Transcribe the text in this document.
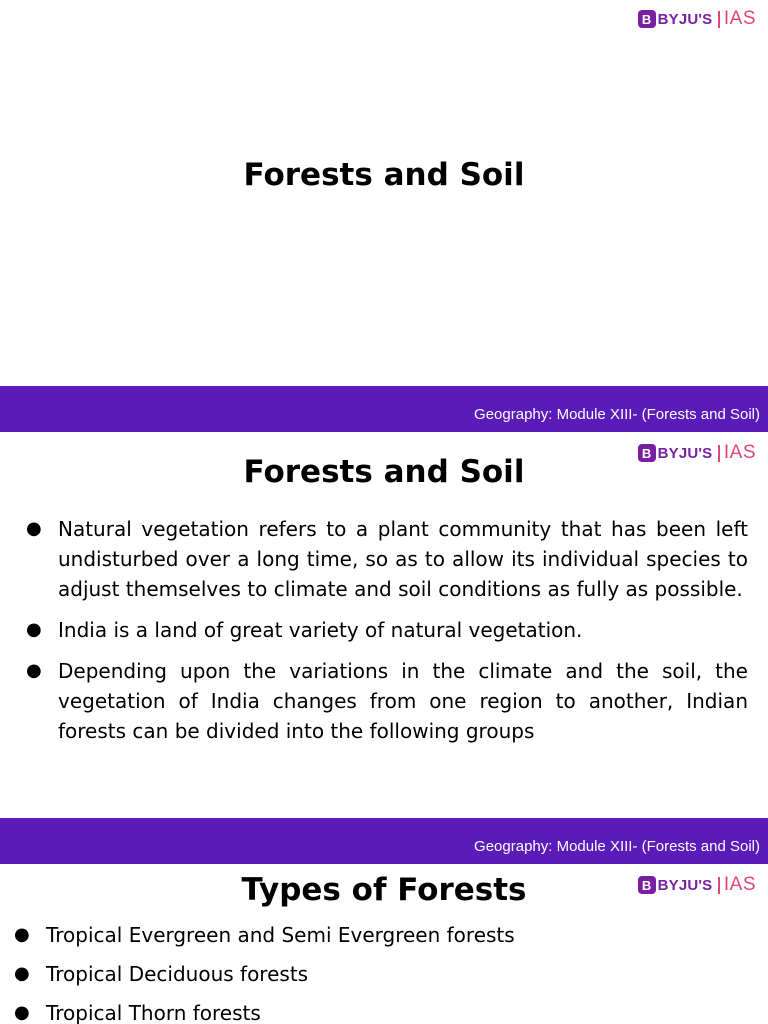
B BYJU'S IAS
Forests and Soil
Geography: Module XIII- (Forests and Soil)
B BYJU'S IAS
Forests and Soil
● Natural vegetation refers to a plant community that has been left undisturbed over a long time, so as to allow its individual species to adjust themselves to climate and soil conditions as fully as possible.
● India is a land of great variety of natural vegetation.
● Depending upon the variations in the climate and the soil, the vegetation of India changes from one region to another, Indian forests can be divided into the following groups
Geography: Module XIII- (Forests and Soil)
B BYJU'S IAS
Types of Forests
● Tropical Evergreen and Semi Evergreen forests
● Tropical Deciduous forests
● Tropical Thorn forests
